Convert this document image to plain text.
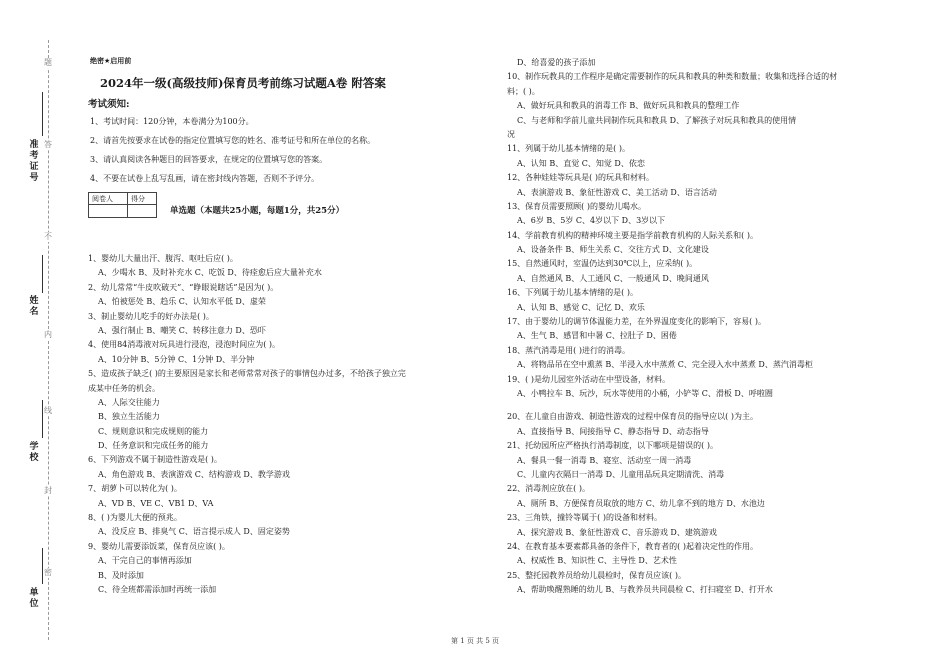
题
答
不
内
线
封
密
准考证号
姓名
学校
单位
绝密★启用前
2024年一级(高级技师)保育员考前练习试题A卷 附答案
考试须知:
1、考试时间：120分钟，本卷满分为100分。
2、请首先按要求在试卷的指定位置填写您的姓名、准考证号和所在单位的名称。
3、请认真阅读各种题目的回答要求，在规定的位置填写您的答案。
4、不要在试卷上乱写乱画，请在密封线内答题，否则不予评分。
阅卷人	得分

单选题（本题共25小题，每题1分，共25分）
1、婴幼儿大量出汗、腹泻、呕吐后应( )。
A、少喝水 B、及时补充水 C、吃饭 D、待痊愈后应大量补充水
2、幼儿常常“牛皮吹破天”、“睁眼说瞎话”是因为( )。
A、怕被惩处 B、趋乐 C、认知水平低 D、虚荣
3、制止婴幼儿吃手的好办法是( )。
A、强行制止 B、嘲笑 C、转移注意力 D、恐吓
4、使用84消毒液对玩具进行浸泡，浸泡时间应为( )。
A、10分钟 B、5分钟 C、1分钟 D、半分钟
5、造成孩子缺乏( )的主要原因是家长和老师常常对孩子的事情包办过多，不给孩子独立完
成某中任务的机会。
A、人际交往能力
B、独立生活能力
C、规则意识和完成规则的能力
D、任务意识和完成任务的能力
6、下列游戏不属于制造性游戏是( )。
A、角色游戏 B、表演游戏 C、结构游戏 D、教学游戏
7、胡萝卜可以转化为( )。
A、VD B、VE C、VB1 D、VA
8、( )为婴儿大便的预兆。
A、没反应 B、排臭气 C、语言提示成人 D、固定姿势
9、婴幼儿需要添饭菜，保育员应该( )。
A、干完自己的事情再添加
B、及时添加
C、待全班都需添加时再统一添加
D、给喜爱的孩子添加
10、制作玩教具的工作程序是确定需要制作的玩具和教具的种类和数量；收集和选择合适的材
料；( )。
A、做好玩具和教具的消毒工作 B、做好玩具和教具的整理工作
C、与老师和学前儿童共同制作玩具和教具 D、了解孩子对玩具和教具的使用情
况
11、列属于幼儿基本情绪的是( )。
A、认知 B、直觉 C、知觉 D、依恋
12、各种娃娃等玩具是( )的玩具和材料。
A、表演游戏 B、象征性游戏 C、美工活动 D、语言活动
13、保育员需要照顾( )的婴幼儿喝水。
A、6岁 B、5岁 C、4岁以下 D、3岁以下
14、学前教育机构的精神环境主要是指学前教育机构的人际关系和( )。
A、设备条件 B、师生关系 C、交往方式 D、文化建设
15、自然通风时，室温仍达到30℃以上，应采纳( )。
A、自然通风 B、人工通风 C、一般通风 D、晚间通风
16、下列属于幼儿基本情绪的是( )。
A、认知 B、感觉 C、记忆 D、欢乐
17、由于婴幼儿的调节体温能力差，在外界温度变化的影响下，容易( )。
A、生气 B、感冒和中暑 C、拉肚子 D、困倦
18、蒸汽消毒是用( )进行的消毒。
A、将物品吊在空中熏蒸 B、半浸入水中蒸煮 C、完全浸入水中蒸煮 D、蒸汽消毒柜
19、( )是幼儿园室外活动在中型设备，材料。
A、小鸭拉车 B、玩沙，玩水等使用的小桶，小铲等 C、滑板 D、呼啦圈
20、在儿童自由游戏、制造性游戏的过程中保育员的指导应以( )为主。
A、直接指导 B、间接指导 C、静态指导 D、动态指导
21、托幼园所应严格执行消毒制度，以下哪项是错误的( )。
A、餐具一餐一消毒 B、寝室、活动室一周一消毒
C、儿童内衣隔日一消毒 D、儿童用品玩具定期清洗、消毒
22、消毒剂应放在( )。
A、厕所 B、方便保育员取放的地方 C、幼儿拿不到的地方 D、水池边
23、三角铁，撞铃等属于( )的设备和材料。
A、探究游戏 B、象征性游戏 C、音乐游戏 D、建筑游戏
24、在教育基本要素都具备的条件下，教育者的( )起着决定性的作用。
A、权威性 B、知识性 C、主导性 D、艺术性
25、整托园教养员给幼儿晨检时，保育员应该( )。
A、帮助唤醒熟睡的幼儿 B、与教养员共同晨检 C、打扫寝室 D、打开水
第 1 页 共 5 页
